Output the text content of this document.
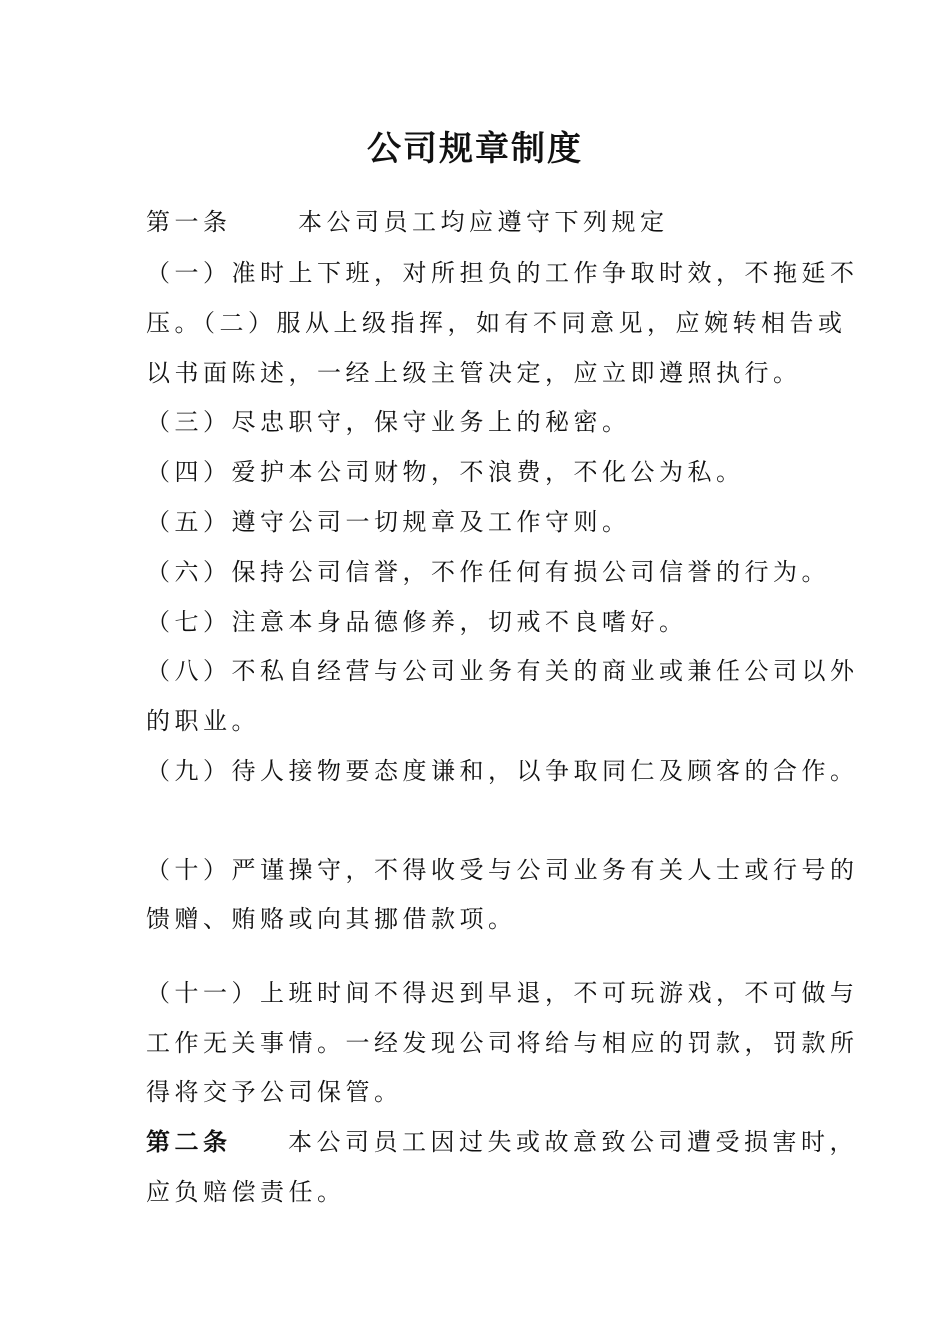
公司规章制度
第一条	本公司员工均应遵守下列规定
（一）准时上下班，对所担负的工作争取时效，不拖延不
压。（二）服从上级指挥，如有不同意见，应婉转相告或
以书面陈述，一经上级主管决定，应立即遵照执行。
（三）尽忠职守，保守业务上的秘密。
（四）爱护本公司财物，不浪费，不化公为私。
（五）遵守公司一切规章及工作守则。
（六）保持公司信誉，不作任何有损公司信誉的行为。
（七）注意本身品德修养，切戒不良嗜好。
（八）不私自经营与公司业务有关的商业或兼任公司以外
的职业。
（九）待人接物要态度谦和，以争取同仁及顾客的合作。
（十）严谨操守，不得收受与公司业务有关人士或行号的
馈赠、贿赂或向其挪借款项。
（十一）上班时间不得迟到早退，不可玩游戏，不可做与
工作无关事情。一经发现公司将给与相应的罚款，罚款所
得将交予公司保管。
第二条 本公司员工因过失或故意致公司遭受损害时，
应负赔偿责任。
